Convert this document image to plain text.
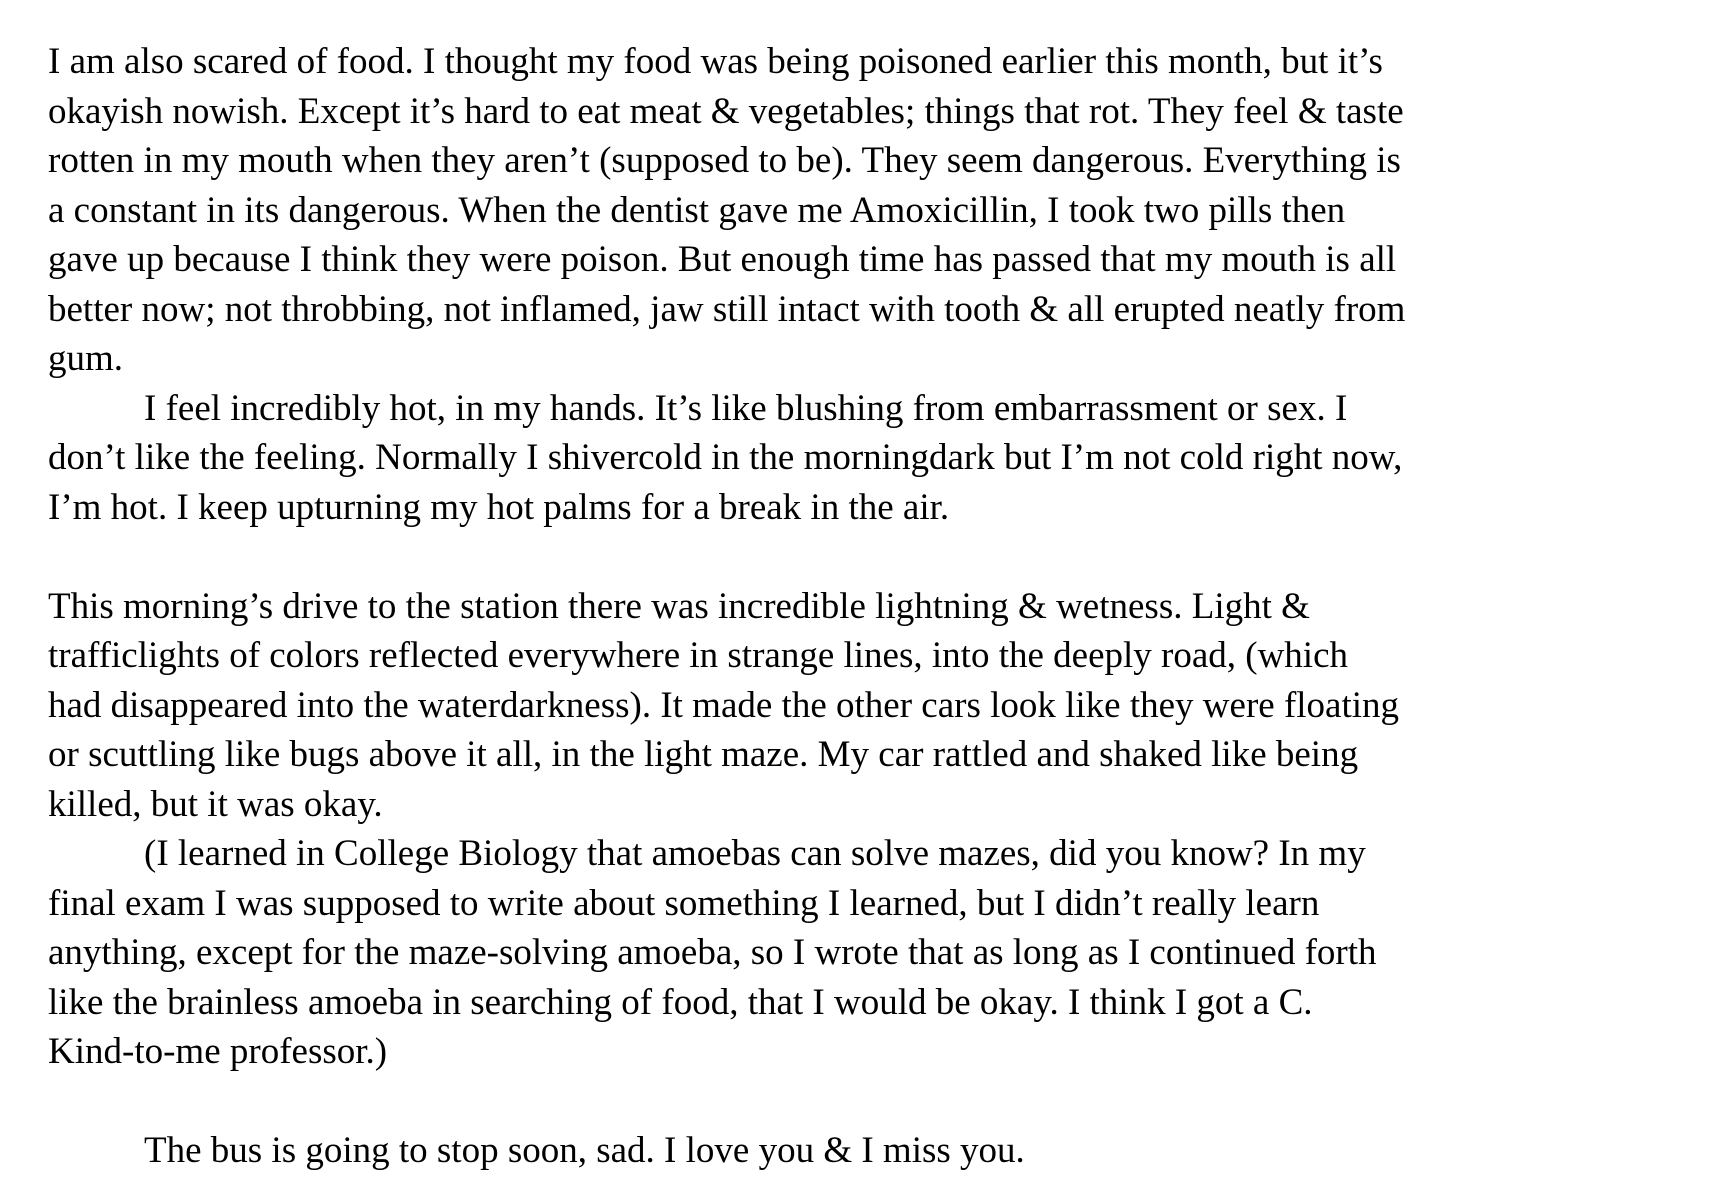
I am also scared of food. I thought my food was being poisoned earlier this month, but it’s

okayish nowish. Except it’s hard to eat meat & vegetables; things that rot. They feel & taste

rotten in my mouth when they aren’t (supposed to be). They seem dangerous. Everything is

a constant in its dangerous. When the dentist gave me Amoxicillin, I took two pills then

gave up because I think they were poison. But enough time has passed that my mouth is all

better now; not throbbing, not inflamed, jaw still intact with tooth & all erupted neatly from

gum.

I feel incredibly hot, in my hands. It’s like blushing from embarrassment or sex. I

don’t like the feeling. Normally I shivercold in the morningdark but I’m not cold right now,

I’m hot. I keep upturning my hot palms for a break in the air.

This morning’s drive to the station there was incredible lightning & wetness. Light &

trafficlights of colors reflected everywhere in strange lines, into the deeply road, (which

had disappeared into the waterdarkness). It made the other cars look like they were floating

or scuttling like bugs above it all, in the light maze. My car rattled and shaked like being

killed, but it was okay.

(I learned in College Biology that amoebas can solve mazes, did you know? In my

final exam I was supposed to write about something I learned, but I didn’t really learn

anything, except for the maze-solving amoeba, so I wrote that as long as I continued forth

like the brainless amoeba in searching of food, that I would be okay. I think I got a C.

Kind-to-me professor.)

The bus is going to stop soon, sad. I love you & I miss you.
